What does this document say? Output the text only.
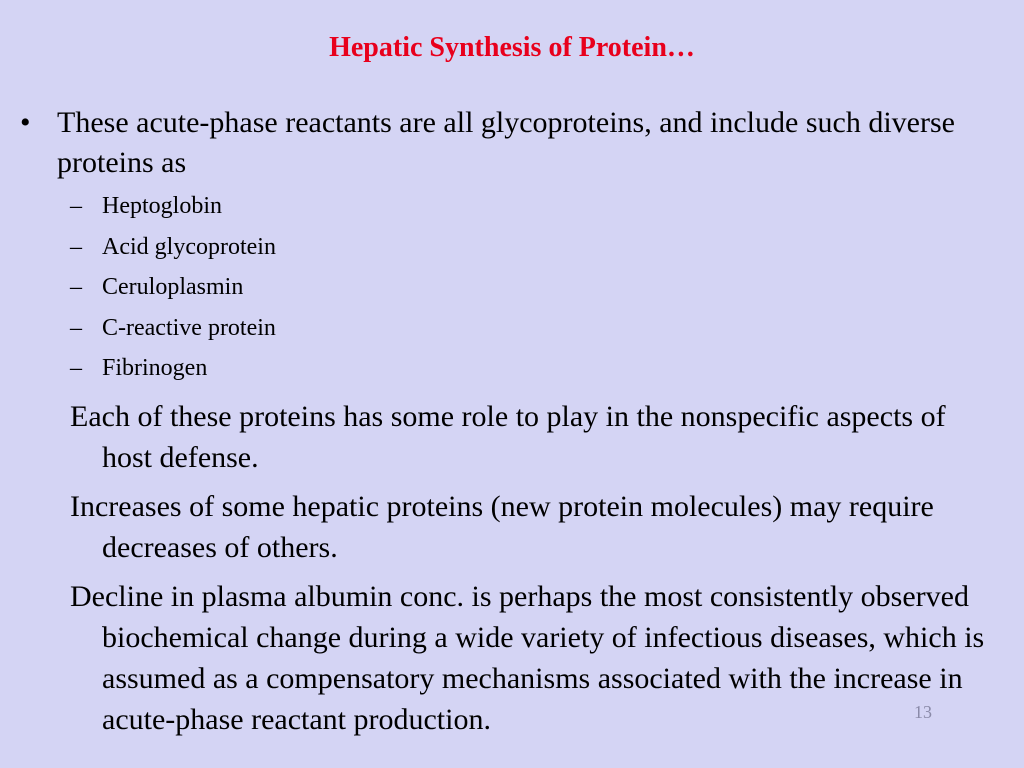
Hepatic Synthesis of Protein…
• These acute-phase reactants are all glycoproteins, and include such diverse proteins as
– Heptoglobin
– Acid glycoprotein
– Ceruloplasmin
– C-reactive protein
– Fibrinogen
Each of these proteins has some role to play in the nonspecific aspects of host defense.
Increases of some hepatic proteins (new protein molecules) may require decreases of others.
Decline in plasma albumin conc. is perhaps the most consistently observed biochemical change during a wide variety of infectious diseases, which is assumed as a compensatory mechanisms associated with the increase in acute-phase reactant production.	13
